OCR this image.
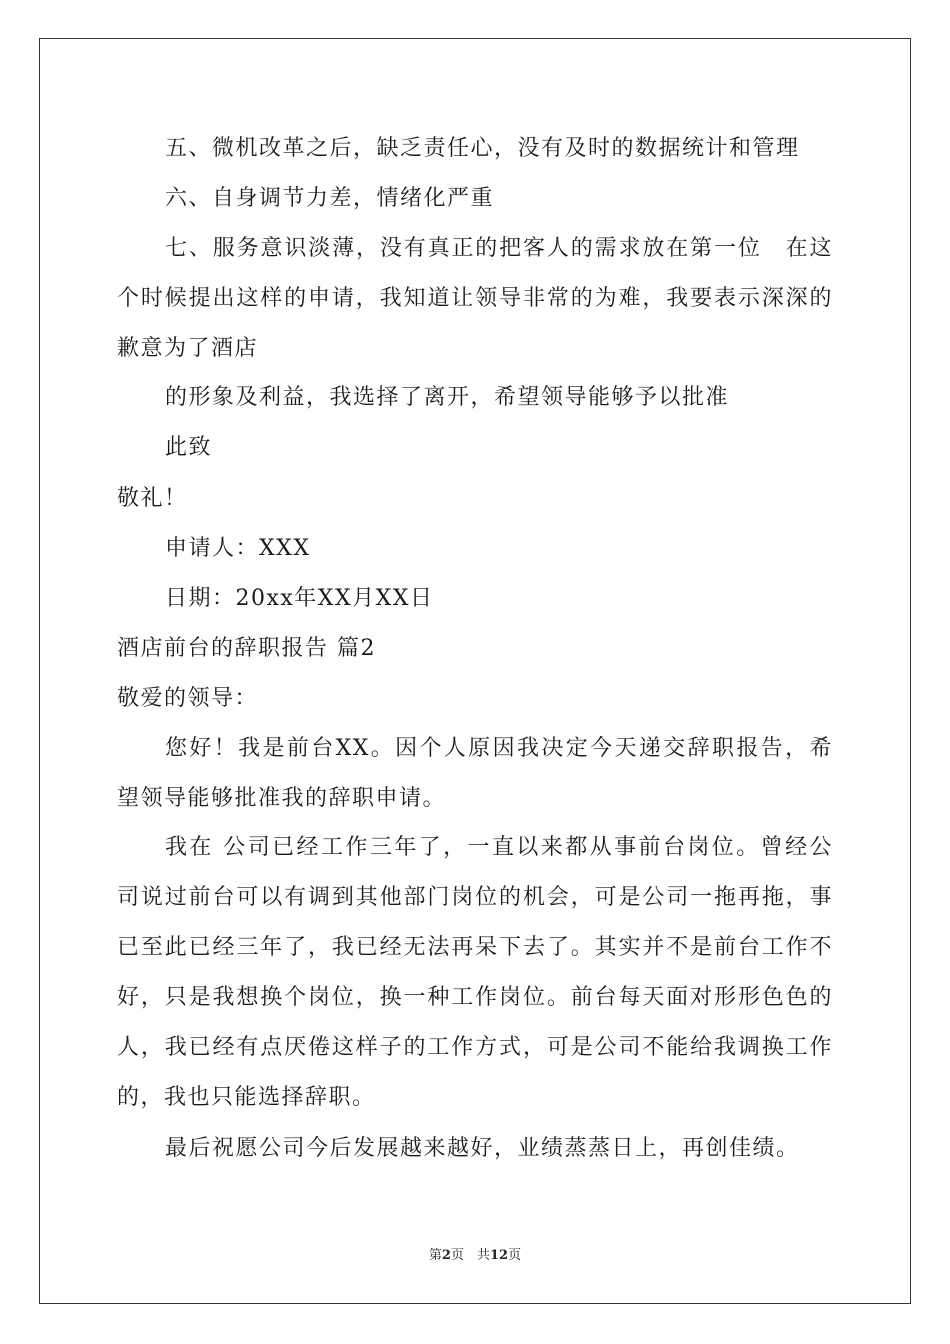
五、微机改革之后，缺乏责任心，没有及时的数据统计和管理
六、自身调节力差，情绪化严重
七、服务意识淡薄，没有真正的把客人的需求放在第一位　在这
个时候提出这样的申请，我知道让领导非常的为难，我要表示深深的
歉意为了酒店
的形象及利益，我选择了离开，希望领导能够予以批准
此致
敬礼！
申请人：XXX
日期：20xx年XX月XX日
酒店前台的辞职报告 篇2
敬爱的领导：
您好！我是前台XX。因个人原因我决定今天递交辞职报告，希
望领导能够批准我的辞职申请。
我在 公司已经工作三年了，一直以来都从事前台岗位。曾经公
司说过前台可以有调到其他部门岗位的机会，可是公司一拖再拖，事
已至此已经三年了，我已经无法再呆下去了。其实并不是前台工作不
好，只是我想换个岗位，换一种工作岗位。前台每天面对形形色色的
人，我已经有点厌倦这样子的工作方式，可是公司不能给我调换工作
的，我也只能选择辞职。
最后祝愿公司今后发展越来越好，业绩蒸蒸日上，再创佳绩。
第2页　共12页
